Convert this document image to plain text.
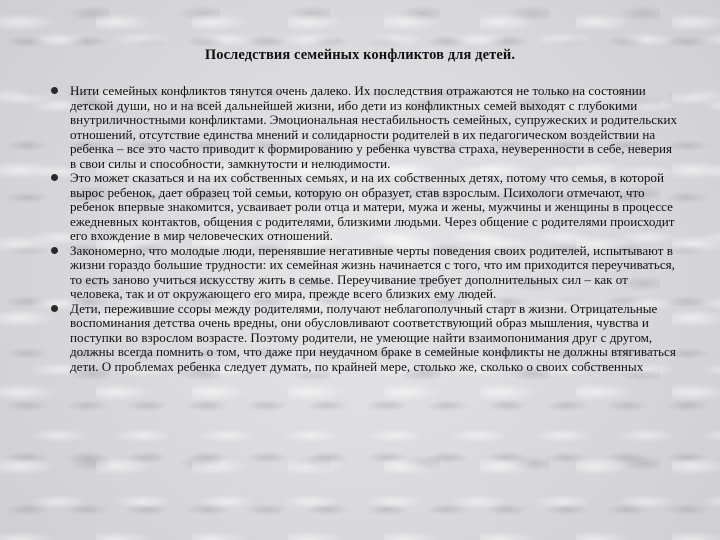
Последствия семейных конфликтов для детей.
Нити семейных конфликтов тянутся очень далеко. Их последствия отражаются не только на состоянии детской души, но и на всей дальнейшей жизни, ибо дети из конфликтных семей выходят с глубокими внутриличностными конфликтами. Эмоциональная нестабильность семейных, супружеских и родительских отношений, отсутствие единства мнений и солидарности родителей в их педагогическом воздействии на ребенка – все это часто приводит к формированию у ребенка чувства страха, неуверенности в себе, неверия в свои силы и способности, замкнутости и нелюдимости.
Это может сказаться и на их собственных семьях, и на их собственных детях, потому что семья, в которой вырос ребенок, дает образец той семьи, которую он образует, став взрослым. Психологи отмечают, что ребенок впервые знакомится, усваивает роли отца и матери, мужа и жены, мужчины и женщины в процессе ежедневных контактов, общения с родителями, близкими людьми. Через общение с родителями происходит его вхождение в мир человеческих отношений.
Закономерно, что молодые люди, перенявшие негативные черты поведения своих родителей, испытывают в жизни гораздо большие трудности: их семейная жизнь начинается с того, что им приходится переучиваться, то есть заново учиться искусству жить в семье. Переучивание требует дополнительных сил – как от человека, так и от окружающего его мира, прежде всего близких ему людей.
Дети, пережившие ссоры между родителями, получают неблагополучный старт в жизни. Отрицательные воспоминания детства очень вредны, они обусловливают соответствующий образ мышления, чувства и поступки во взрослом возрасте. Поэтому родители, не умеющие найти взаимопонимания друг с другом, должны всегда помнить о том, что даже при неудачном браке в семейные конфликты не должны втягиваться дети. О проблемах ребенка следует думать, по крайней мере, столько же, сколько о своих собственных
